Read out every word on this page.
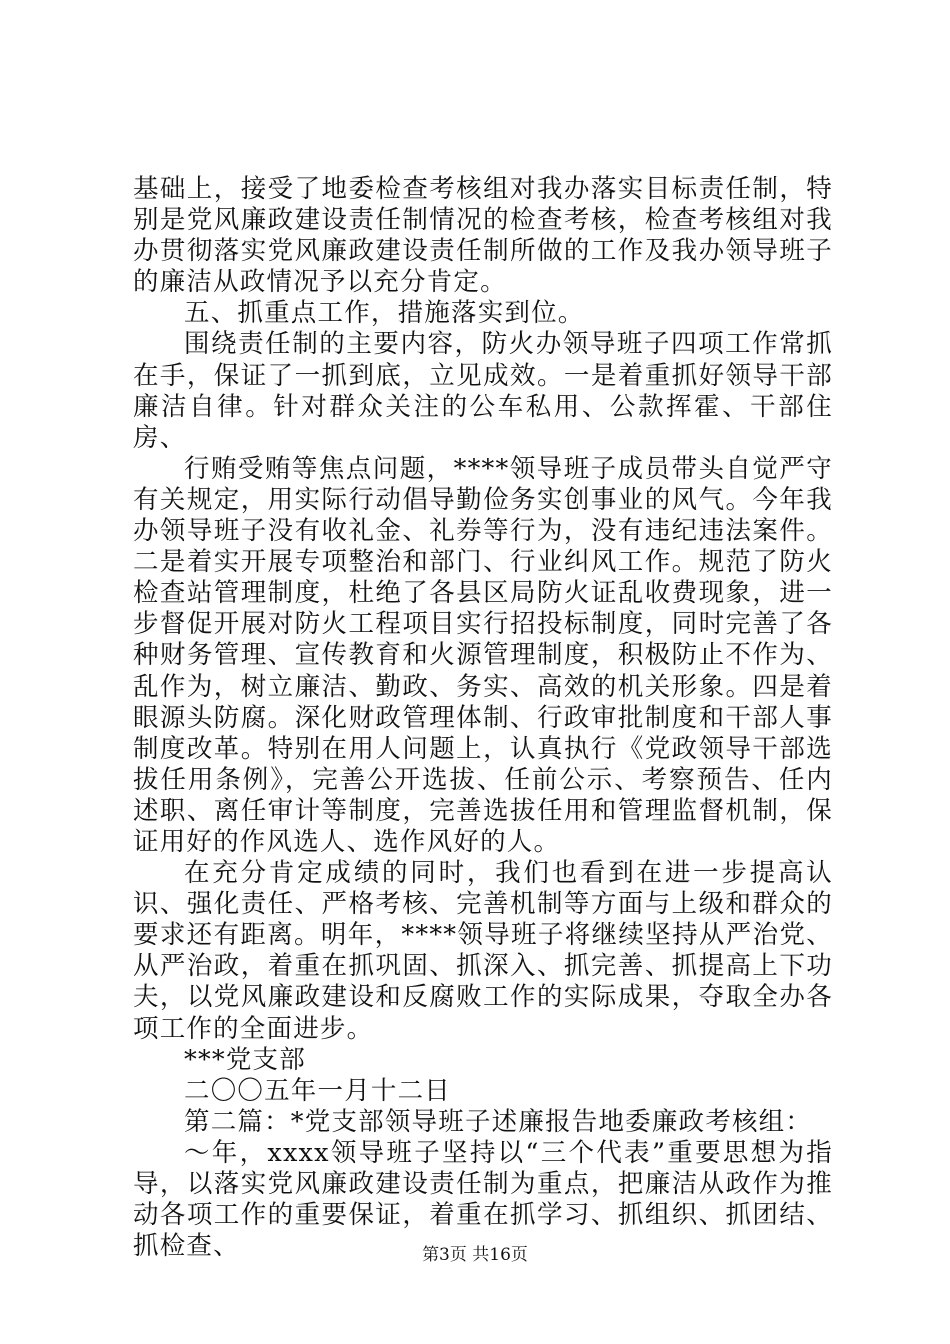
基础上，接受了地委检查考核组对我办落实目标责任制，特别是党风廉政建设责任制情况的检查考核，检查考核组对我办贯彻落实党风廉政建设责任制所做的工作及我办领导班子的廉洁从政情况予以充分肯定。

五、抓重点工作，措施落实到位。

围绕责任制的主要内容，防火办领导班子四项工作常抓在手，保证了一抓到底，立见成效。一是着重抓好领导干部廉洁自律。针对群众关注的公车私用、公款挥霍、干部住房、

行贿受贿等焦点问题，****领导班子成员带头自觉严守有关规定，用实际行动倡导勤俭务实创事业的风气。今年我办领导班子没有收礼金、礼券等行为，没有违纪违法案件。二是着实开展专项整治和部门、行业纠风工作。规范了防火检查站管理制度，杜绝了各县区局防火证乱收费现象，进一步督促开展对防火工程项目实行招投标制度，同时完善了各种财务管理、宣传教育和火源管理制度，积极防止不作为、乱作为，树立廉洁、勤政、务实、高效的机关形象。四是着眼源头防腐。深化财政管理体制、行政审批制度和干部人事制度改革。特别在用人问题上，认真执行《党政领导干部选拔任用条例》，完善公开选拔、任前公示、考察预告、任内述职、离任审计等制度，完善选拔任用和管理监督机制，保证用好的作风选人、选作风好的人。

在充分肯定成绩的同时，我们也看到在进一步提高认识、强化责任、严格考核、完善机制等方面与上级和群众的要求还有距离。明年，****领导班子将继续坚持从严治党、从严治政，着重在抓巩固、抓深入、抓完善、抓提高上下功夫，以党风廉政建设和反腐败工作的实际成果，夺取全办各项工作的全面进步。

***党支部

二〇〇五年一月十二日

第二篇：*党支部领导班子述廉报告地委廉政考核组：

～年，xxxx领导班子坚持以“三个代表”重要思想为指导，以落实党风廉政建设责任制为重点，把廉洁从政作为推动各项工作的重要保证，着重在抓学习、抓组织、抓团结、抓检查、	第3页 共16页
